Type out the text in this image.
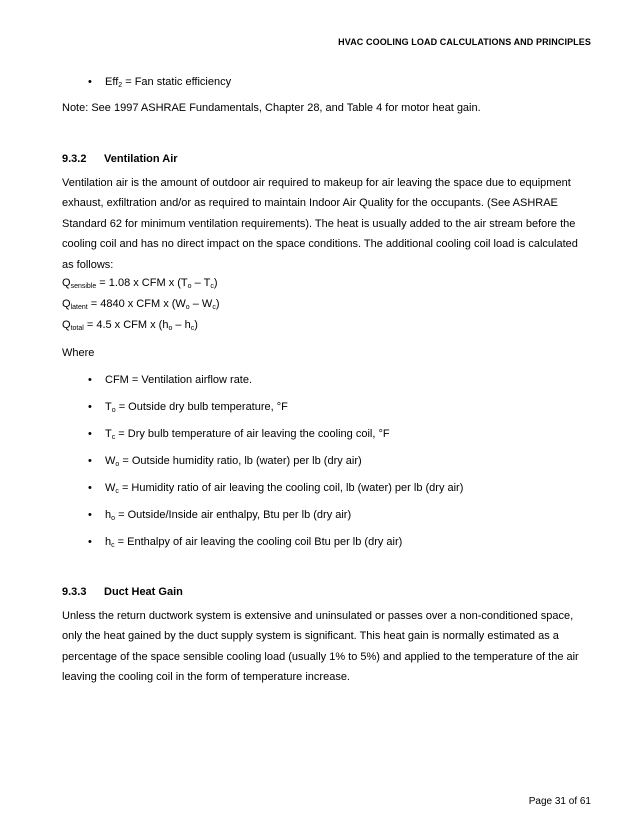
HVAC COOLING LOAD CALCULATIONS AND PRINCIPLES
• Eff$_2$ = Fan static efficiency
Note: See 1997 ASHRAE Fundamentals, Chapter 28, and Table 4 for motor heat gain.
9.3.2 Ventilation Air
Ventilation air is the amount of outdoor air required to makeup for air leaving the space due to equipment
exhaust, exfiltration and/or as required to maintain Indoor Air Quality for the occupants. (See ASHRAE
Standard 62 for minimum ventilation requirements). The heat is usually added to the air stream before the
cooling coil and has no direct impact on the space conditions. The additional cooling coil load is calculated
as follows:
$Q_{sensible} = 1.08$ x CFM x $(T_o - T_c)$
$Q_{latent} = 4840$ x CFM x $(W_o - W_c)$
$Q_{total} = 4.5$ x CFM x $(h_o - h_c)$
Where
• CFM = Ventilation airflow rate.
• $T_o$ = Outside dry bulb temperature, °F
• $T_c$ = Dry bulb temperature of air leaving the cooling coil, °F
• $W_o$ = Outside humidity ratio, lb (water) per lb (dry air)
• $W_c$ = Humidity ratio of air leaving the cooling coil, lb (water) per lb (dry air)
• $h_o$ = Outside/Inside air enthalpy, Btu per lb (dry air)
• $h_c$ = Enthalpy of air leaving the cooling coil Btu per lb (dry air)
9.3.3 Duct Heat Gain
Unless the return ductwork system is extensive and uninsulated or passes over a non-conditioned space,
only the heat gained by the duct supply system is significant. This heat gain is normally estimated as a
percentage of the space sensible cooling load (usually 1% to 5%) and applied to the temperature of the air
leaving the cooling coil in the form of temperature increase.
Page 31 of 61
